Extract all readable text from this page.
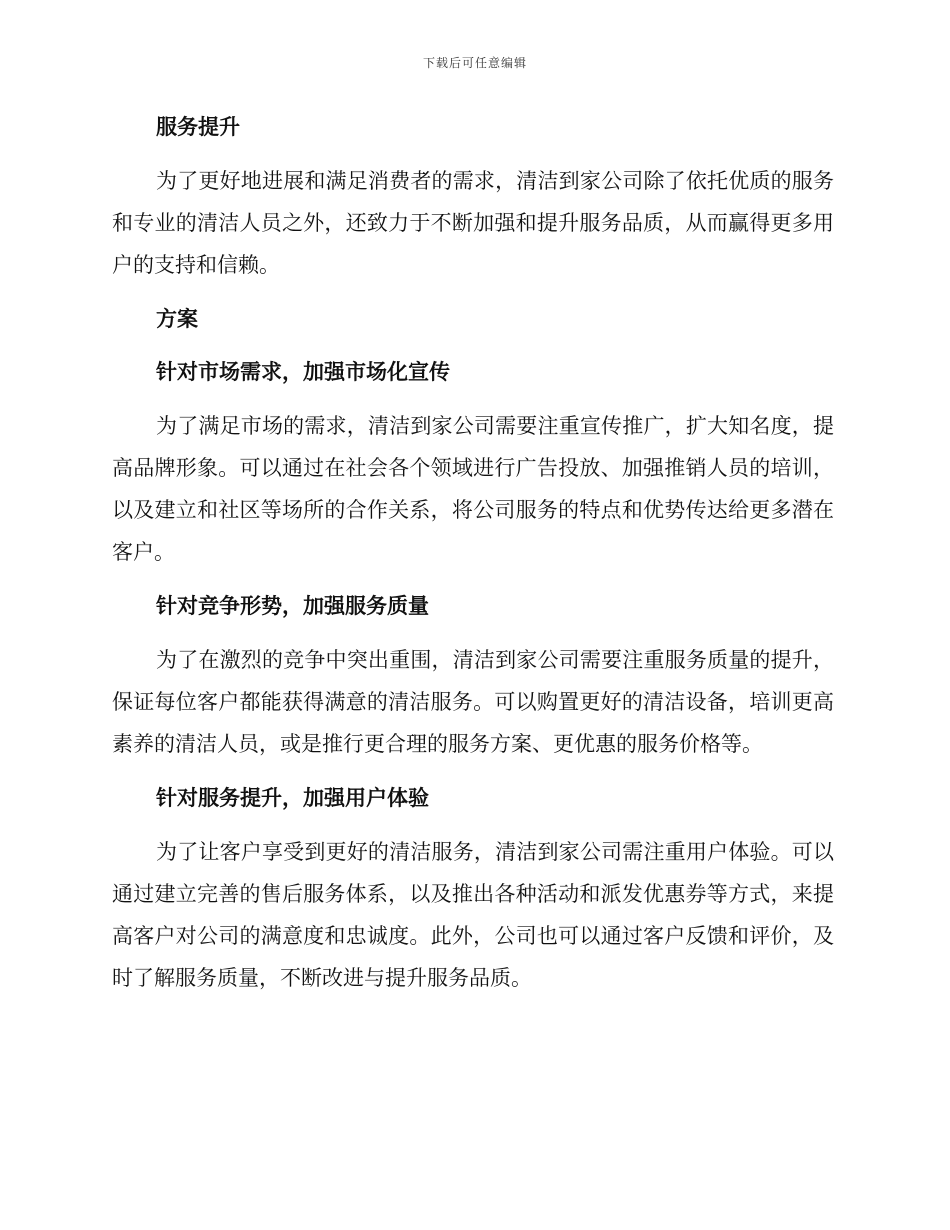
下载后可任意编辑
服务提升
为了更好地进展和满足消费者的需求，清洁到家公司除了依托优质的服务和专业的清洁人员之外，还致力于不断加强和提升服务品质，从而赢得更多用户的支持和信赖。
方案
针对市场需求，加强市场化宣传
为了满足市场的需求，清洁到家公司需要注重宣传推广，扩大知名度，提高品牌形象。可以通过在社会各个领域进行广告投放、加强推销人员的培训，以及建立和社区等场所的合作关系，将公司服务的特点和优势传达给更多潜在客户。
针对竞争形势，加强服务质量
为了在激烈的竞争中突出重围，清洁到家公司需要注重服务质量的提升，保证每位客户都能获得满意的清洁服务。可以购置更好的清洁设备，培训更高素养的清洁人员，或是推行更合理的服务方案、更优惠的服务价格等。
针对服务提升，加强用户体验
为了让客户享受到更好的清洁服务，清洁到家公司需注重用户体验。可以通过建立完善的售后服务体系，以及推出各种活动和派发优惠券等方式，来提高客户对公司的满意度和忠诚度。此外，公司也可以通过客户反馈和评价，及时了解服务质量，不断改进与提升服务品质。
